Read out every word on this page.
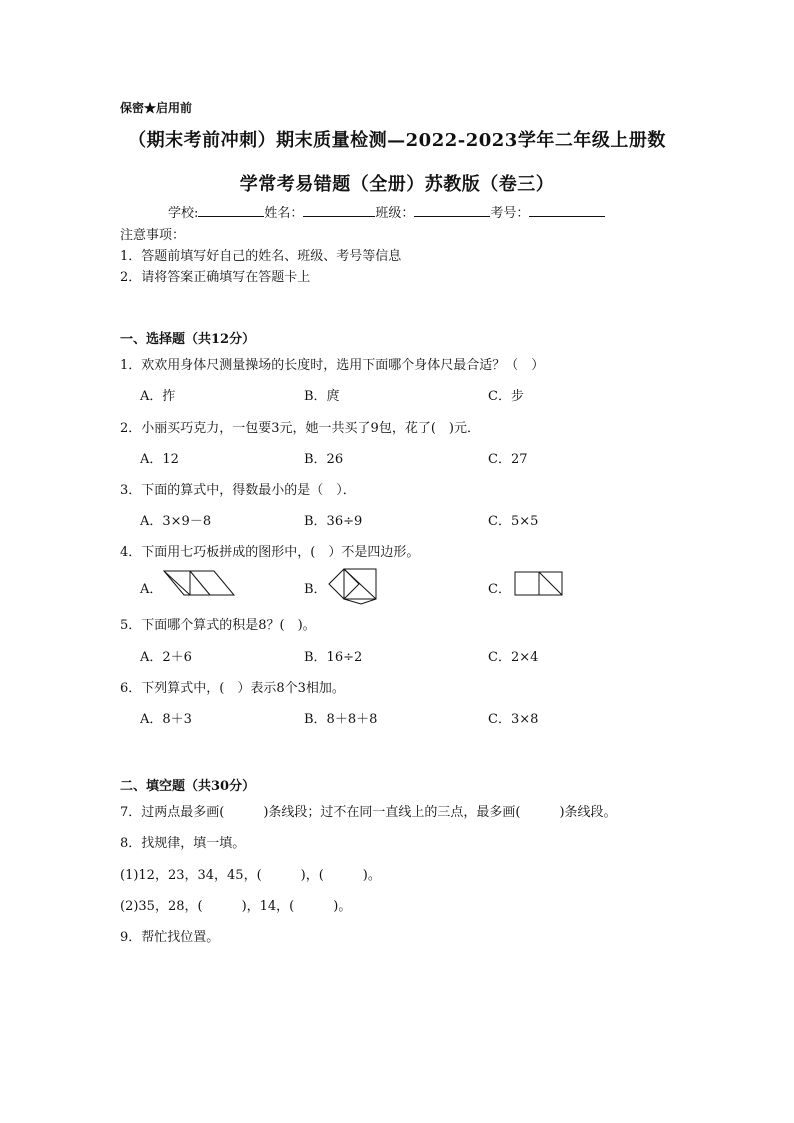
保密★启用前
（期末考前冲刺）期末质量检测—2022-2023学年二年级上册数
学常考易错题（全册）苏教版（卷三）
学校:	姓名：	班级：	考号：
注意事项：
1．答题前填写好自己的姓名、班级、考号等信息
2．请将答案正确填写在答题卡上
一、选择题（共12分）
1．欢欢用身体尺测量操场的长度时，选用下面哪个身体尺最合适？（　）
A．拃	B．庹	C．步
2．小丽买巧克力，一包要3元，她一共买了9包，花了(　)元．
A．12	B．26	C．27
3．下面的算式中，得数最小的是（　）．
A．3×9－8	B．36÷9	C．5×5
4．下面用七巧板拼成的图形中，(　）不是四边形。
A．	B．	C．
5．下面哪个算式的积是8？(　)。
A．2＋6	B．16÷2	C．2×4
6．下列算式中，(　）表示8个3相加。
A．8＋3	B．8＋8＋8	C．3×8
二、填空题（共30分）
7．过两点最多画(　　　)条线段；过不在同一直线上的三点，最多画(　　　)条线段。
8．找规律，填一填。
(1)12，23，34，45，(　　　)，(　　　)。
(2)35，28，(　　　)，14，(　　　)。
9．帮忙找位置。
